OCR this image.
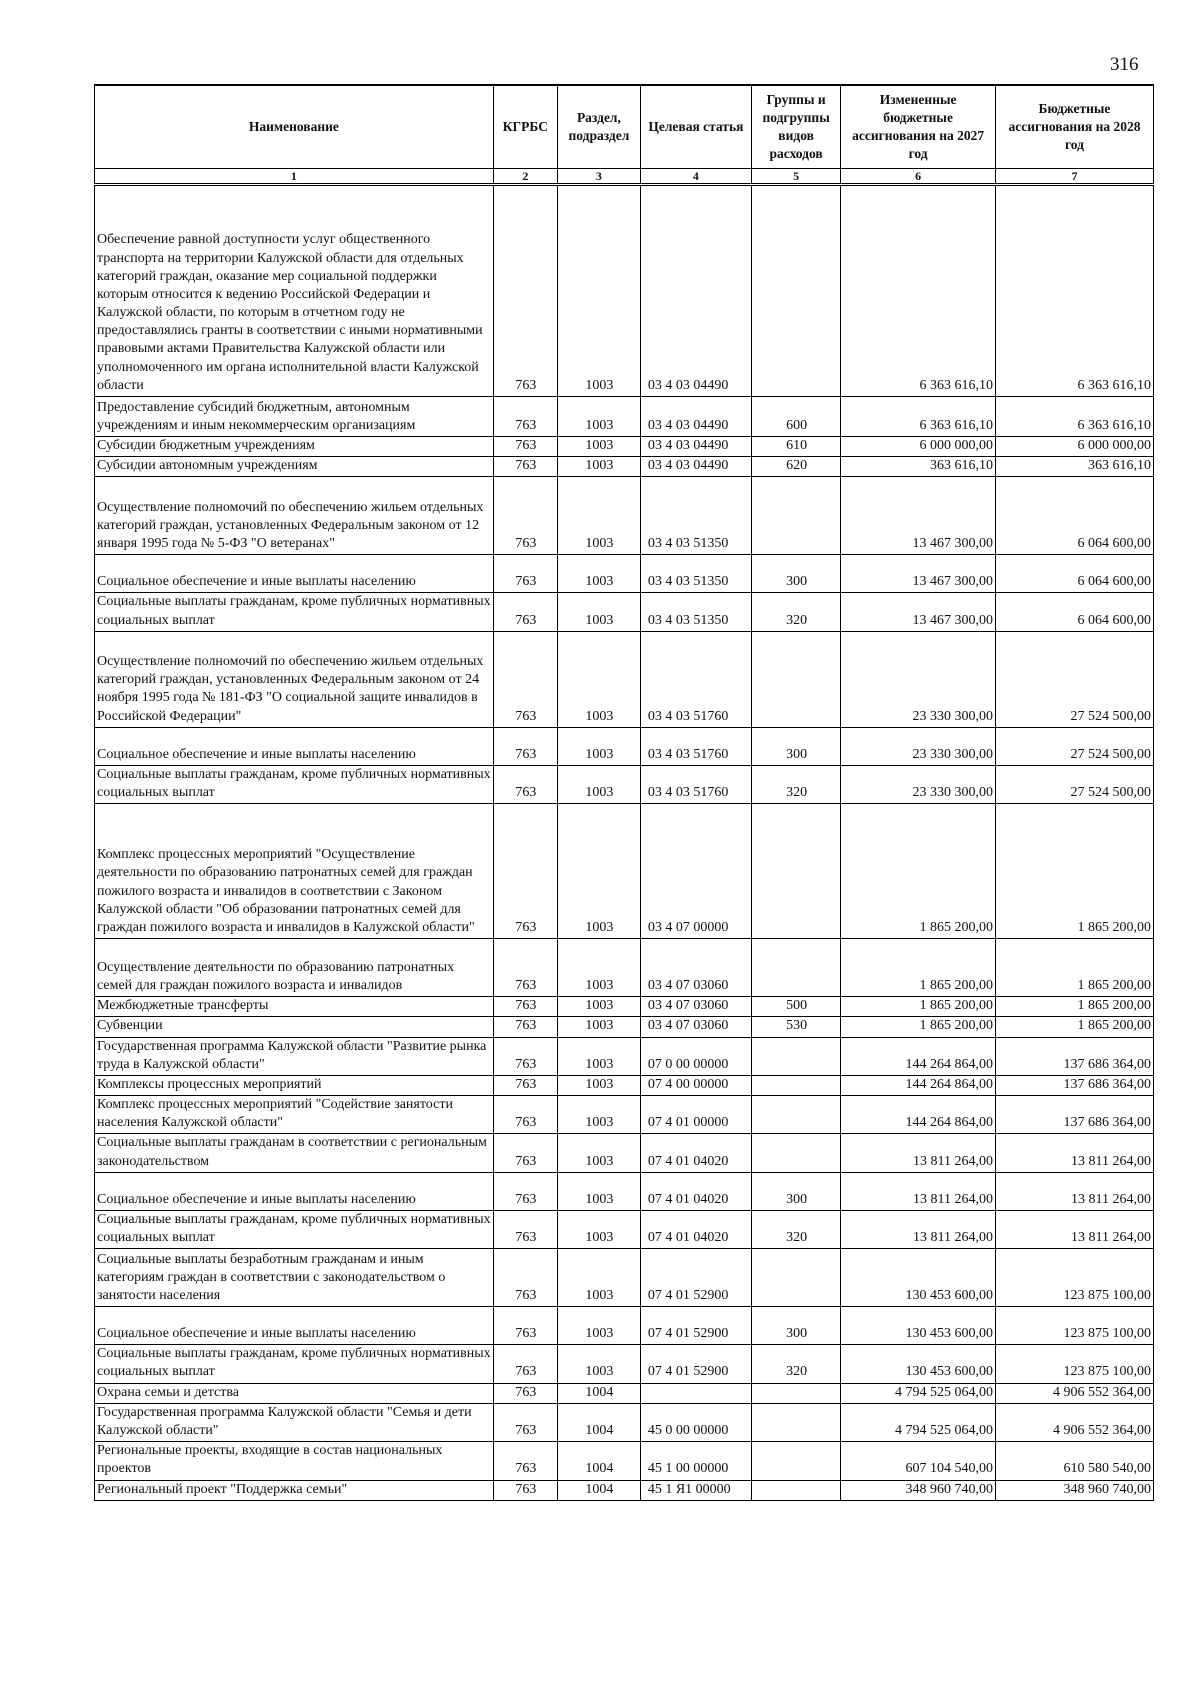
316
Наименование	КГРБС	Раздел, подраздел	Целевая статья	Группы и подгруппы видов расходов	Измененные бюджетные ассигнования на 2027 год	Бюджетные ассигнования на 2028 год
1	2	3	4	5	6	7
Обеспечение равной доступности услуг общественного транспорта на территории Калужской области для отдельных категорий граждан, оказание мер социальной поддержки которым относится к ведению Российской Федерации и Калужской области, по которым в отчетном году не предоставлялись гранты в соответствии с иными нормативными правовыми актами Правительства Калужской области или уполномоченного им органа исполнительной власти Калужской области	763	1003	03 4 03 04490		6 363 616,10	6 363 616,10
Предоставление субсидий бюджетным, автономным учреждениям и иным некоммерческим организациям	763	1003	03 4 03 04490	600	6 363 616,10	6 363 616,10
Субсидии бюджетным учреждениям	763	1003	03 4 03 04490	610	6 000 000,00	6 000 000,00
Субсидии автономным учреждениям	763	1003	03 4 03 04490	620	363 616,10	363 616,10
Осуществление полномочий по обеспечению жильем отдельных категорий граждан, установленных Федеральным законом от 12 января 1995 года № 5-ФЗ "О ветеранах"	763	1003	03 4 03 51350		13 467 300,00	6 064 600,00
Социальное обеспечение и иные выплаты населению	763	1003	03 4 03 51350	300	13 467 300,00	6 064 600,00
Социальные выплаты гражданам, кроме публичных нормативных социальных выплат	763	1003	03 4 03 51350	320	13 467 300,00	6 064 600,00
Осуществление полномочий по обеспечению жильем отдельных категорий граждан, установленных Федеральным законом от 24 ноября 1995 года № 181-ФЗ "О социальной защите инвалидов в Российской Федерации"	763	1003	03 4 03 51760		23 330 300,00	27 524 500,00
Социальное обеспечение и иные выплаты населению	763	1003	03 4 03 51760	300	23 330 300,00	27 524 500,00
Социальные выплаты гражданам, кроме публичных нормативных социальных выплат	763	1003	03 4 03 51760	320	23 330 300,00	27 524 500,00
Комплекс процессных мероприятий "Осуществление деятельности по образованию патронатных семей для граждан пожилого возраста и инвалидов в соответствии с Законом Калужской области "Об образовании патронатных семей для граждан пожилого возраста и инвалидов в Калужской области"	763	1003	03 4 07 00000		1 865 200,00	1 865 200,00
Осуществление деятельности по образованию патронатных семей для граждан пожилого возраста и инвалидов	763	1003	03 4 07 03060		1 865 200,00	1 865 200,00
Межбюджетные трансферты	763	1003	03 4 07 03060	500	1 865 200,00	1 865 200,00
Субвенции	763	1003	03 4 07 03060	530	1 865 200,00	1 865 200,00
Государственная программа Калужской области "Развитие рынка труда в Калужской области"	763	1003	07 0 00 00000		144 264 864,00	137 686 364,00
Комплексы процессных мероприятий	763	1003	07 4 00 00000		144 264 864,00	137 686 364,00
Комплекс процессных мероприятий "Содействие занятости населения Калужской области"	763	1003	07 4 01 00000		144 264 864,00	137 686 364,00
Социальные выплаты гражданам в соответствии с региональным законодательством	763	1003	07 4 01 04020		13 811 264,00	13 811 264,00
Социальное обеспечение и иные выплаты населению	763	1003	07 4 01 04020	300	13 811 264,00	13 811 264,00
Социальные выплаты гражданам, кроме публичных нормативных социальных выплат	763	1003	07 4 01 04020	320	13 811 264,00	13 811 264,00
Социальные выплаты безработным гражданам и иным категориям граждан в соответствии с законодательством о занятости населения	763	1003	07 4 01 52900		130 453 600,00	123 875 100,00
Социальное обеспечение и иные выплаты населению	763	1003	07 4 01 52900	300	130 453 600,00	123 875 100,00
Социальные выплаты гражданам, кроме публичных нормативных социальных выплат	763	1003	07 4 01 52900	320	130 453 600,00	123 875 100,00
Охрана семьи и детства	763	1004			4 794 525 064,00	4 906 552 364,00
Государственная программа Калужской области "Семья и дети Калужской области"	763	1004	45 0 00 00000		4 794 525 064,00	4 906 552 364,00
Региональные проекты, входящие в состав национальных проектов	763	1004	45 1 00 00000		607 104 540,00	610 580 540,00
Региональный проект "Поддержка семьи"	763	1004	45 1 Я1 00000		348 960 740,00	348 960 740,00
